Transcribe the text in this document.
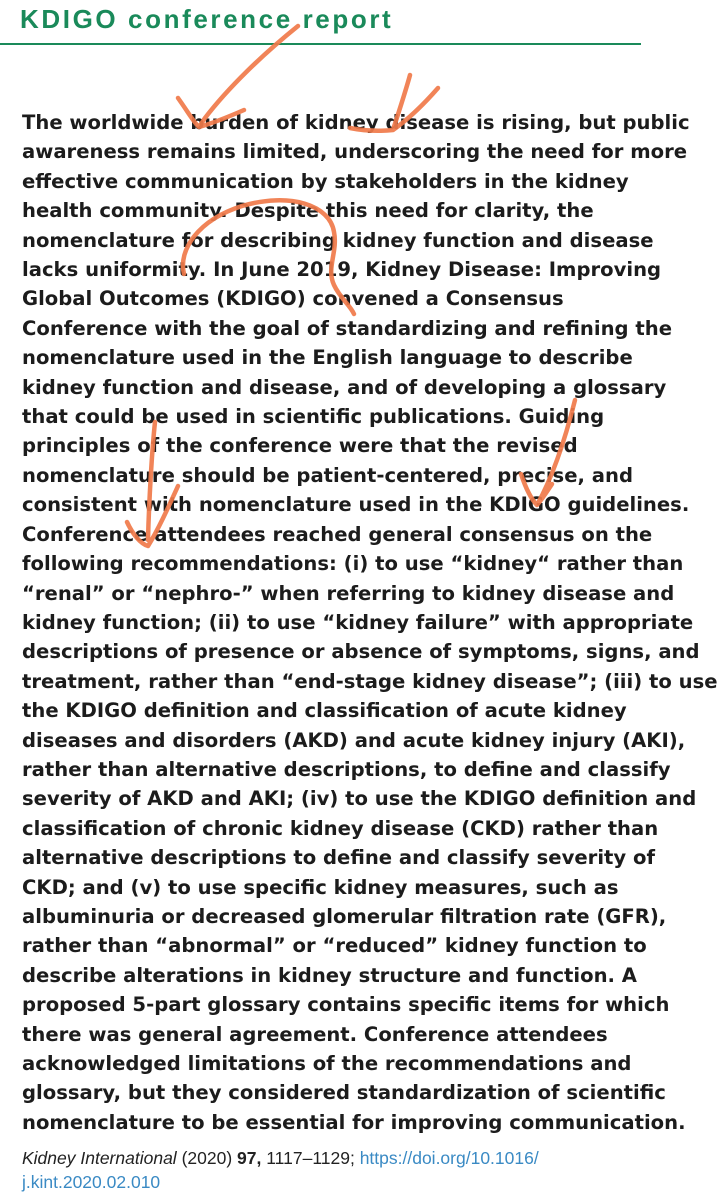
KDIGO conference report
The worldwide burden of kidney disease is rising, but public
awareness remains limited, underscoring the need for more
effective communication by stakeholders in the kidney
health community. Despite this need for clarity, the
nomenclature for describing kidney function and disease
lacks uniformity. In June 2019, Kidney Disease: Improving
Global Outcomes (KDIGO) convened a Consensus
Conference with the goal of standardizing and refining the
nomenclature used in the English language to describe
kidney function and disease, and of developing a glossary
that could be used in scientific publications. Guiding
principles of the conference were that the revised
nomenclature should be patient-centered, precise, and
consistent with nomenclature used in the KDIGO guidelines.
Conference attendees reached general consensus on the
following recommendations: (i) to use “kidney“ rather than
“renal” or “nephro-” when referring to kidney disease and
kidney function; (ii) to use “kidney failure” with appropriate
descriptions of presence or absence of symptoms, signs, and
treatment, rather than “end-stage kidney disease”; (iii) to use
the KDIGO definition and classification of acute kidney
diseases and disorders (AKD) and acute kidney injury (AKI),
rather than alternative descriptions, to define and classify
severity of AKD and AKI; (iv) to use the KDIGO definition and
classification of chronic kidney disease (CKD) rather than
alternative descriptions to define and classify severity of
CKD; and (v) to use specific kidney measures, such as
albuminuria or decreased glomerular filtration rate (GFR),
rather than “abnormal” or “reduced” kidney function to
describe alterations in kidney structure and function. A
proposed 5-part glossary contains specific items for which
there was general agreement. Conference attendees
acknowledged limitations of the recommendations and
glossary, but they considered standardization of scientific
nomenclature to be essential for improving communication.
Kidney International (2020) 97, 1117–1129; https://doi.org/10.1016/
j.kint.2020.02.010
